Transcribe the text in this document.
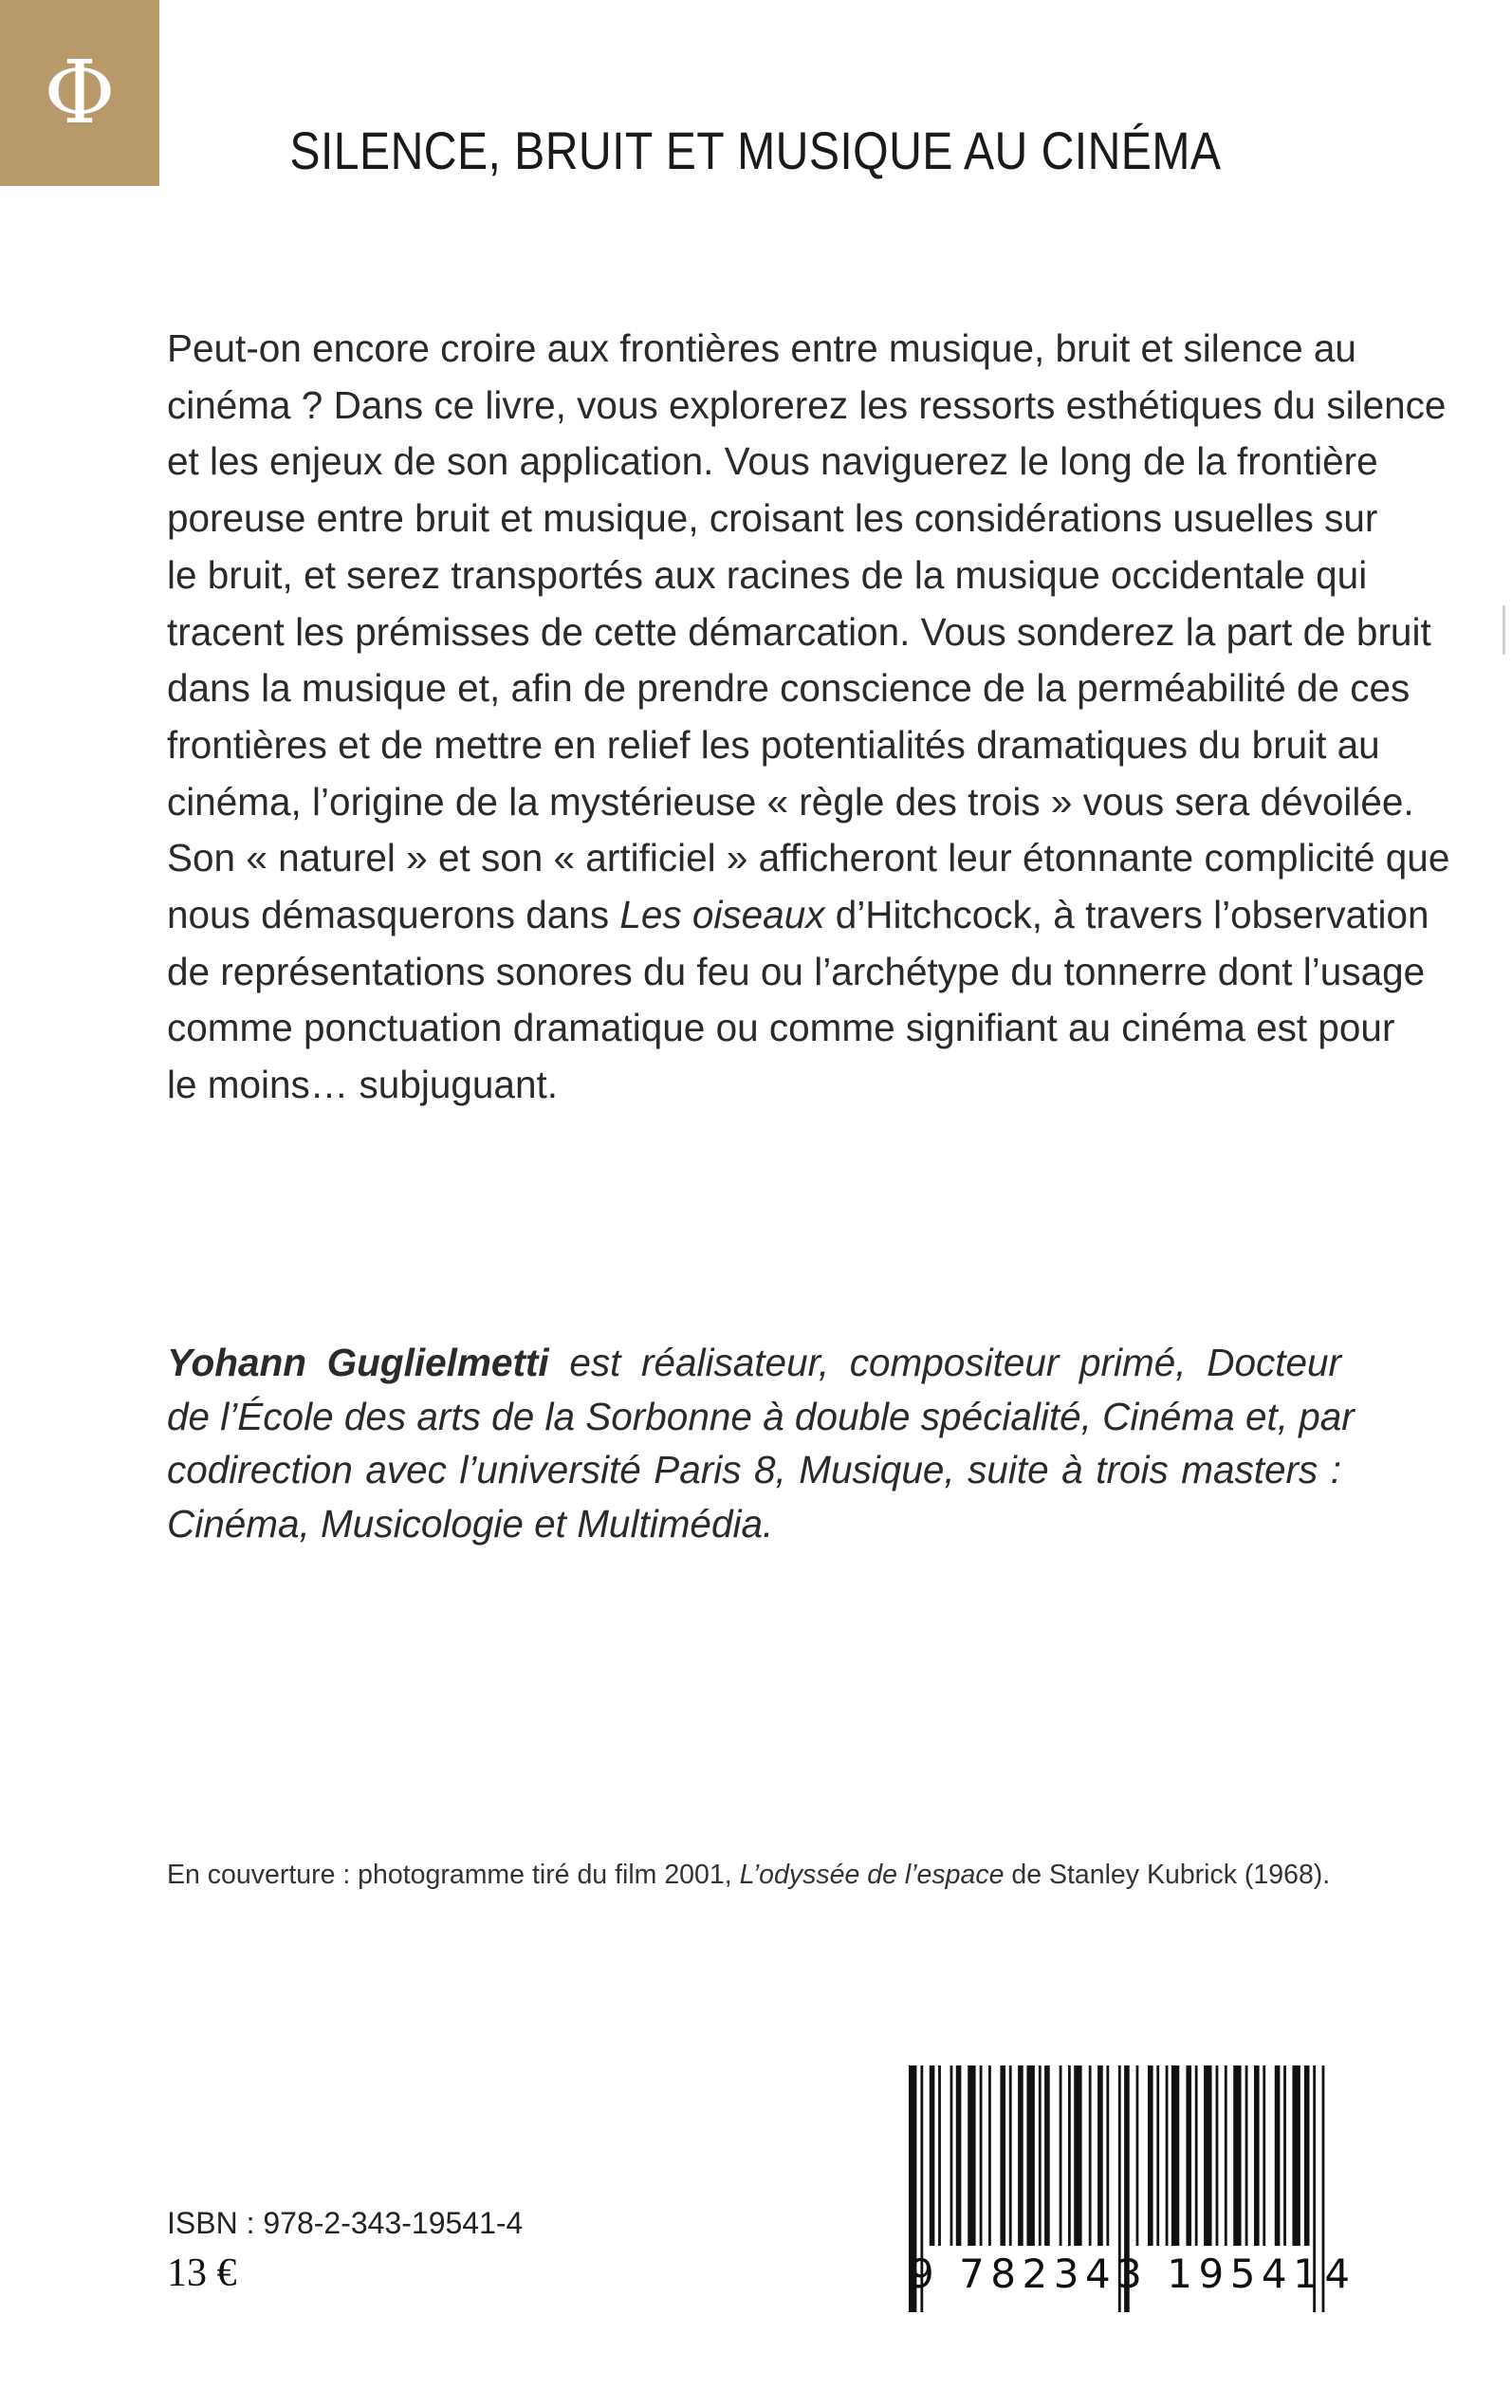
Φ
SILENCE, BRUIT ET MUSIQUE AU CINÉMA
Peut-on encore croire aux frontières entre musique, bruit et silence au
cinéma ? Dans ce livre, vous explorerez les ressorts esthétiques du silence
et les enjeux de son application. Vous naviguerez le long de la frontière
poreuse entre bruit et musique, croisant les considérations usuelles sur
le bruit, et serez transportés aux racines de la musique occidentale qui
tracent les prémisses de cette démarcation. Vous sonderez la part de bruit
dans la musique et, afin de prendre conscience de la perméabilité de ces
frontières et de mettre en relief les potentialités dramatiques du bruit au
cinéma, l’origine de la mystérieuse « règle des trois » vous sera dévoilée.
Son « naturel » et son « artificiel » afficheront leur étonnante complicité que
nous démasquerons dans Les oiseaux d’Hitchcock, à travers l’observation
de représentations sonores du feu ou l’archétype du tonnerre dont l’usage
comme ponctuation dramatique ou comme signifiant au cinéma est pour
le moins… subjuguant.
Yohann Guglielmetti est réalisateur, compositeur primé, Docteur
de l’École des arts de la Sorbonne à double spécialité, Cinéma et, par
codirection avec l’université Paris 8, Musique, suite à trois masters :
Cinéma, Musicologie et Multimédia.
En couverture : photogramme tiré du film 2001, L’odyssée de l’espace de Stanley Kubrick (1968).
ISBN : 978-2-343-19541-4
13 €	9 782343 195414
